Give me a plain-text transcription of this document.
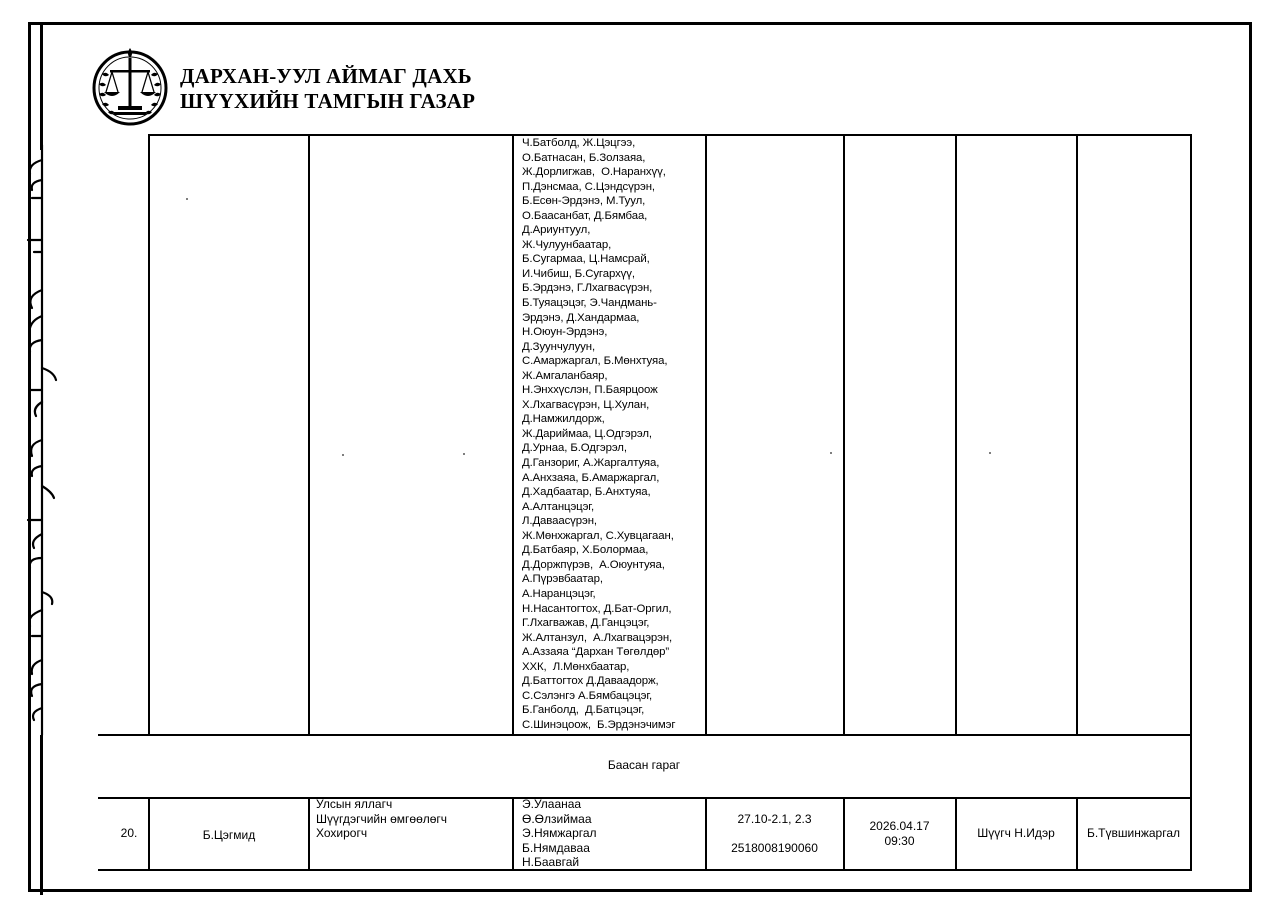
ДАРХАН-УУЛ АЙМАГ ДАХЬ
ШҮҮХИЙН ТАМГЫН ГАЗАР
Ч.Батболд, Ж.Цэцгээ,
О.Батнасан, Б.Золзаяа,
Ж.Дорлигжав,  О.Наранхүү,
П.Дэнсмаа, С.Цэндсүрэн,
Б.Есөн-Эрдэнэ, М.Туул,
О.Баасанбат, Д.Бямбаа,
Д.Ариунтуул,
Ж.Чулуунбаатар,
Б.Сугармаа, Ц.Намсрай,
И.Чибиш, Б.Сугархүү,
Б.Эрдэнэ, Г.Лхагвасүрэн,
Б.Туяацэцэг, Э.Чандмань-
Эрдэнэ, Д.Хандармаа,
Н.Оюун-Эрдэнэ,
Д.Зуунчулуун,
С.Амаржаргал, Б.Мөнхтуяа,
Ж.Амгаланбаяр,
Н.Энххүслэн, П.Баярцоож
Х.Лхагвасүрэн, Ц.Хулан,
Д.Намжилдорж,
Ж.Дариймаа, Ц.Одгэрэл,
Д.Урнаа, Б.Одгэрэл,
Д.Ганзориг, А.Жаргалтуяа,
А.Анхзаяа, Б.Амаржаргал,
Д.Хадбаатар, Б.Анхтуяа,
А.Алтанцэцэг,
Л.Даваасүрэн,
Ж.Мөнхжаргал, С.Хувцагаан,
Д.Батбаяр, Х.Болормаа,
Д.Доржпүрэв,  А.Оюунтуяа,
А.Пүрэвбаатар,
А.Наранцэцэг,
Н.Насантогтох, Д.Бат-Оргил,
Г.Лхагважав, Д.Ганцэцэг,
Ж.Алтанзул,  А.Лхагвацэрэн,
А.Аззаяа “Дархан Төгөлдөр”
ХХК,  Л.Мөнхбаатар,
Д.Баттогтох Д.Даваадорж,
С.Сэлэнгэ А.Бямбацэцэг,
Б.Ганболд,  Д.Батцэцэг,
С.Шинэцоож,  Б.Эрдэнэчимэг
Баасан гараг
20.	Б.Цэгмид
Улсын яллагч
Шүүгдэгчийн өмгөөлөгч
Хохирогч
Э.Улаанаа
Ө.Өлзиймаа
Э.Нямжаргал
Б.Нямдаваа
Н.Баавгай
27.10-2.1, 2.3
2518008190060
2026.04.17
09:30
Шүүгч Н.Идэр	Б.Түвшинжаргал
